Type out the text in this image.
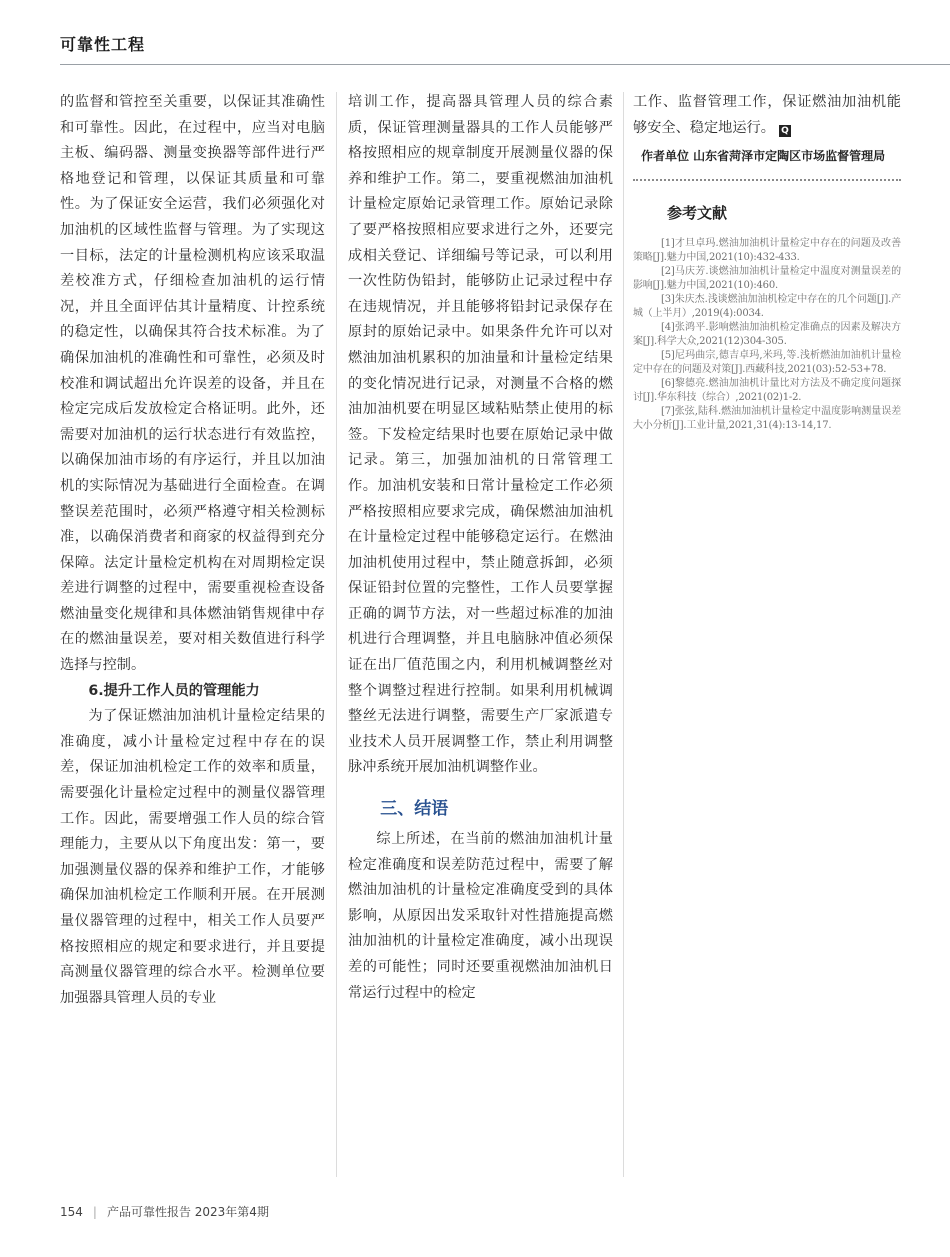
可靠性工程

的监督和管控至关重要，以保证其准确性和可靠性。因此，在过程中，应当对电脑主板、编码器、测量变换器等部件进行严格地登记和管理，以保证其质量和可靠性。为了保证安全运营，我们必须强化对加油机的区域性监督与管理。为了实现这一目标，法定的计量检测机构应该采取温差校准方式，仔细检查加油机的运行情况，并且全面评估其计量精度、计控系统的稳定性，以确保其符合技术标准。为了确保加油机的准确性和可靠性，必须及时校准和调试超出允许误差的设备，并且在检定完成后发放检定合格证明。此外，还需要对加油机的运行状态进行有效监控，以确保加油市场的有序运行，并且以加油机的实际情况为基础进行全面检查。在调整误差范围时，必须严格遵守相关检测标准，以确保消费者和商家的权益得到充分保障。法定计量检定机构在对周期检定误差进行调整的过程中，需要重视检查设备燃油量变化规律和具体燃油销售规律中存在的燃油量误差，要对相关数值进行科学选择与控制。

6.提升工作人员的管理能力

为了保证燃油加油机计量检定结果的准确度，减小计量检定过程中存在的误差，保证加油机检定工作的效率和质量，需要强化计量检定过程中的测量仪器管理工作。因此，需要增强工作人员的综合管理能力，主要从以下角度出发：第一，要加强测量仪器的保养和维护工作，才能够确保加油机检定工作顺利开展。在开展测量仪器管理的过程中，相关工作人员要严格按照相应的规定和要求进行，并且要提高测量仪器管理的综合水平。检测单位要加强器具管理人员的专业

培训工作，提高器具管理人员的综合素质，保证管理测量器具的工作人员能够严格按照相应的规章制度开展测量仪器的保养和维护工作。第二，要重视燃油加油机计量检定原始记录管理工作。原始记录除了要严格按照相应要求进行之外，还要完成相关登记、详细编号等记录，可以利用一次性防伪铅封，能够防止记录过程中存在违规情况，并且能够将铅封记录保存在原封的原始记录中。如果条件允许可以对燃油加油机累积的加油量和计量检定结果的变化情况进行记录，对测量不合格的燃油加油机要在明显区域粘贴禁止使用的标签。下发检定结果时也要在原始记录中做记录。第三，加强加油机的日常管理工作。加油机安装和日常计量检定工作必须严格按照相应要求完成，确保燃油加油机在计量检定过程中能够稳定运行。在燃油加油机使用过程中，禁止随意拆卸，必须保证铅封位置的完整性，工作人员要掌握正确的调节方法，对一些超过标准的加油机进行合理调整，并且电脑脉冲值必须保证在出厂值范围之内，利用机械调整丝对整个调整过程进行控制。如果利用机械调整丝无法进行调整，需要生产厂家派遣专业技术人员开展调整工作，禁止利用调整脉冲系统开展加油机调整作业。

三、结语

综上所述，在当前的燃油加油机计量检定准确度和误差防范过程中，需要了解燃油加油机的计量检定准确度受到的具体影响，从原因出发采取针对性措施提高燃油加油机的计量检定准确度，减小出现误差的可能性；同时还要重视燃油加油机日常运行过程中的检定

工作、监督管理工作，保证燃油加油机能够安全、稳定地运行。 Q

作者单位 山东省菏泽市定陶区市场监督管理局
参考文献
[1]才旦卓玛.燃油加油机计量检定中存在的问题及改善策略[J].魅力中国,2021(10):432-433.
[2]马庆芳.谈燃油加油机计量检定中温度对测量误差的影响[J].魅力中国,2021(10):460.
[3]朱庆杰.浅谈燃油加油机检定中存在的几个问题[J].产城（上半月）,2019(4):0034.
[4]张鸿平.影响燃油加油机检定准确点的因素及解决方案[J].科学大众,2021(12)304-305.
[5]尼玛曲宗,德吉卓玛,米玛,等.浅析燃油加油机计量检定中存在的问题及对策[J].西藏科技,2021(03):52-53+78.
[6]黎德亮.燃油加油机计量比对方法及不确定度问题探讨[J].华东科技（综合）,2021(02)1-2.
[7]张弦,陆科.燃油加油机计量检定中温度影响测量误差大小分析[J].工业计量,2021,31(4):13-14,17.
154 | 产品可靠性报告 2023年第4期
